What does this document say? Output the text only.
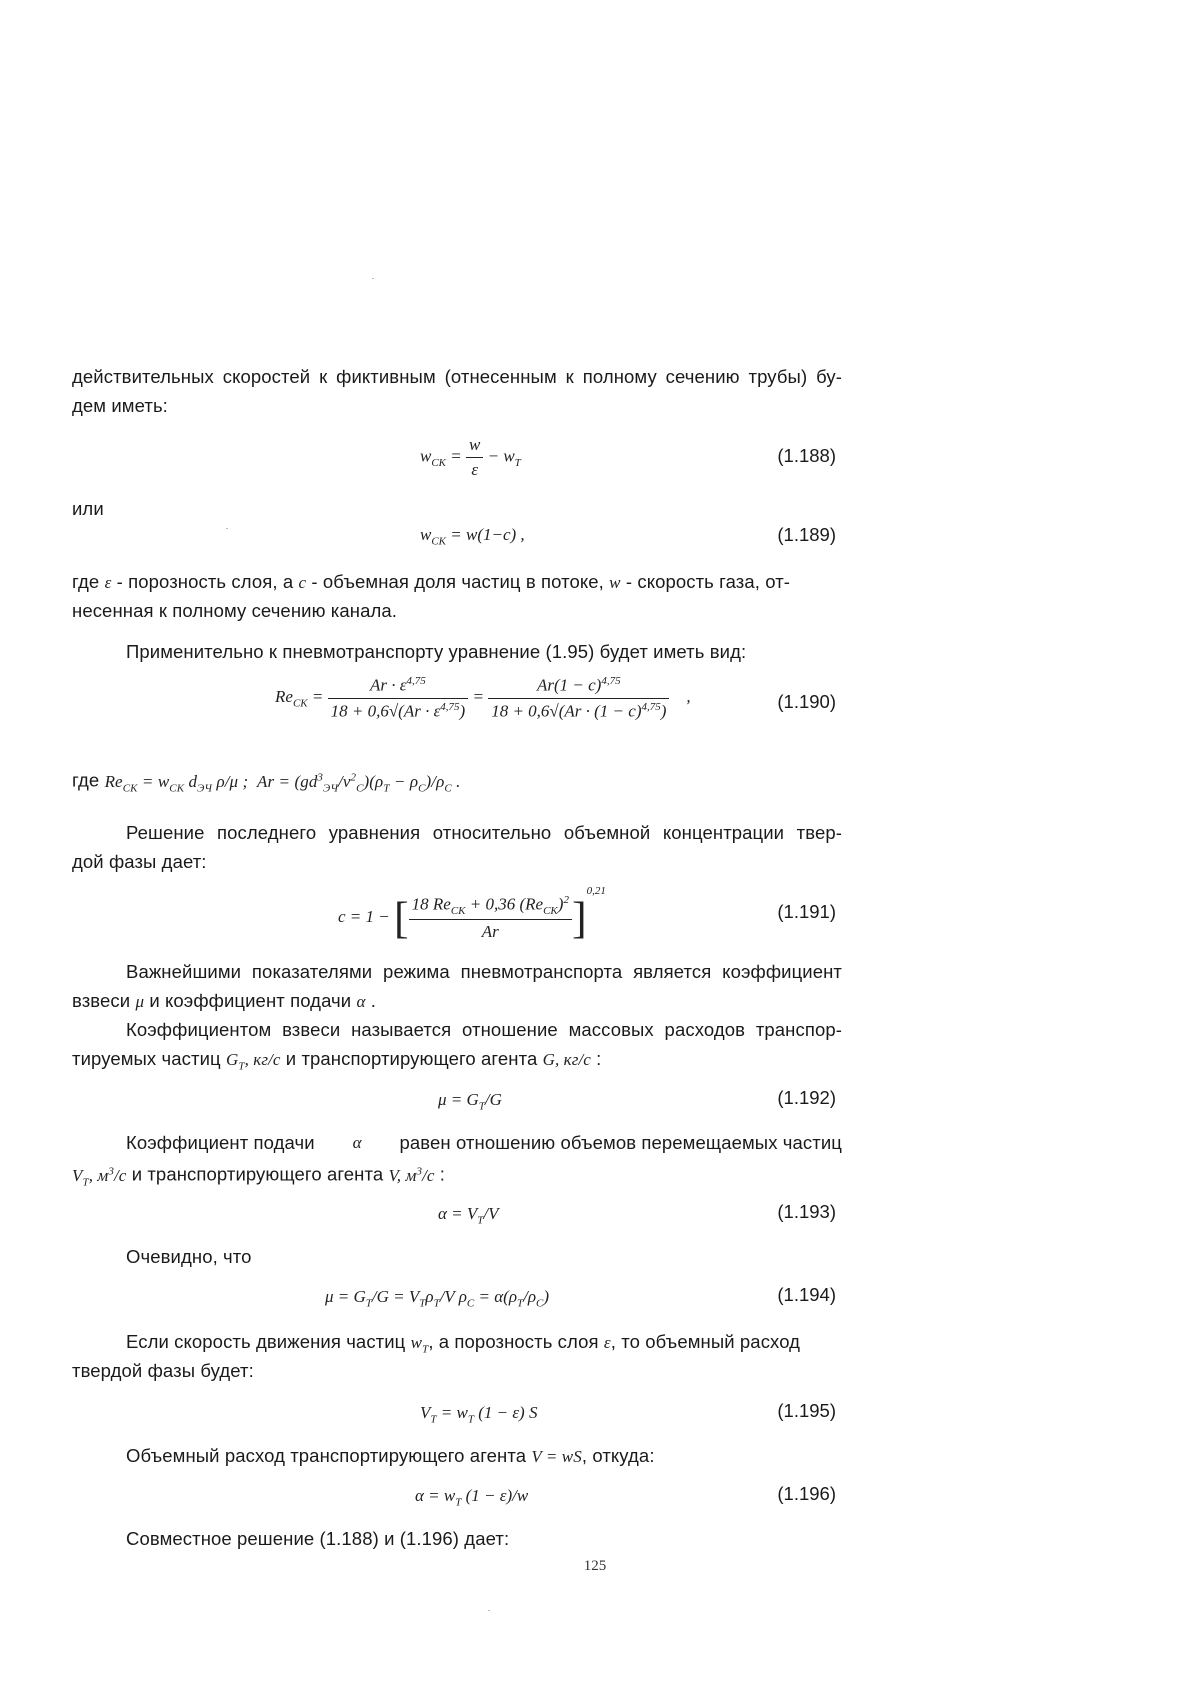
действительных скоростей к фиктивным (отнесенным к полному сечению трубы) бу-
дем иметь:
$w_{CK} = \frac{w}{\varepsilon} - w_T$	(1.188)
или
$w_{CK} = w(1-c)$ ,	(1.189)
где ε - порозность слоя, а c - объемная доля частиц в потоке, w - скорость газа, от-
несенная к полному сечению канала.
Применительно к пневмотранспорту уравнение (1.95) будет иметь вид:
$Re_{CK} = \frac{Ar \cdot \varepsilon^{4,75}}{18 + 0,6√(Ar \cdot \varepsilon^{4,75})} = \frac{Ar(1 - c)^{4,75}}{18 + 0,6√(Ar \cdot (1 - c)^{4,75})}$ ,	(1.190)
где $Re_{CK} = w_{CK}$ $d_{ЭЧ}$ ρ/μ ;  $Ar = (gd^3_{ЭЧ}/\nu^2_C)(\rho_T - \rho_C)/\rho_C$ .
Решение последнего уравнения относительно объемной концентрации твер-
дой фазы дает:
c = 1 − [ $\frac{18 Re_{CK} + 0,36 (Re_{CK})^2}{Ar} ]^{0,21}$
(1.191)
Важнейшими показателями режима пневмотранспорта является коэффициент
взвеси μ и коэффициент подачи α .
Коэффициентом взвеси называется отношение массовых расходов транспор-
тируемых частиц $G_T$, кг/с и транспортирующего агента G, кг/с :
$\mu = G_T/G$	(1.192)
Коэффициент подачи α равен отношению объемов перемещаемых частиц
$V_T$, $м^3/с$ и транспортирующего агента V, $м^3/с$ :
$\alpha = V_T/V$	(1.193)
Очевидно, что
$\mu = G_T/G = V_T\rho_T/V$ $\rho_C = \alpha(\rho_T/\rho_C)$	(1.194)
Если скорость движения частиц $w_T$, а порозность слоя ε, то объемный расход
твердой фазы будет:
$V_T = w_T$ (1 − ε) S	(1.195)
Объемный расход транспортирующего агента V = wS, откуда:
$\alpha = w_T$ (1 − ε)/w	(1.196)
Совместное решение (1.188) и (1.196) дает:
125
